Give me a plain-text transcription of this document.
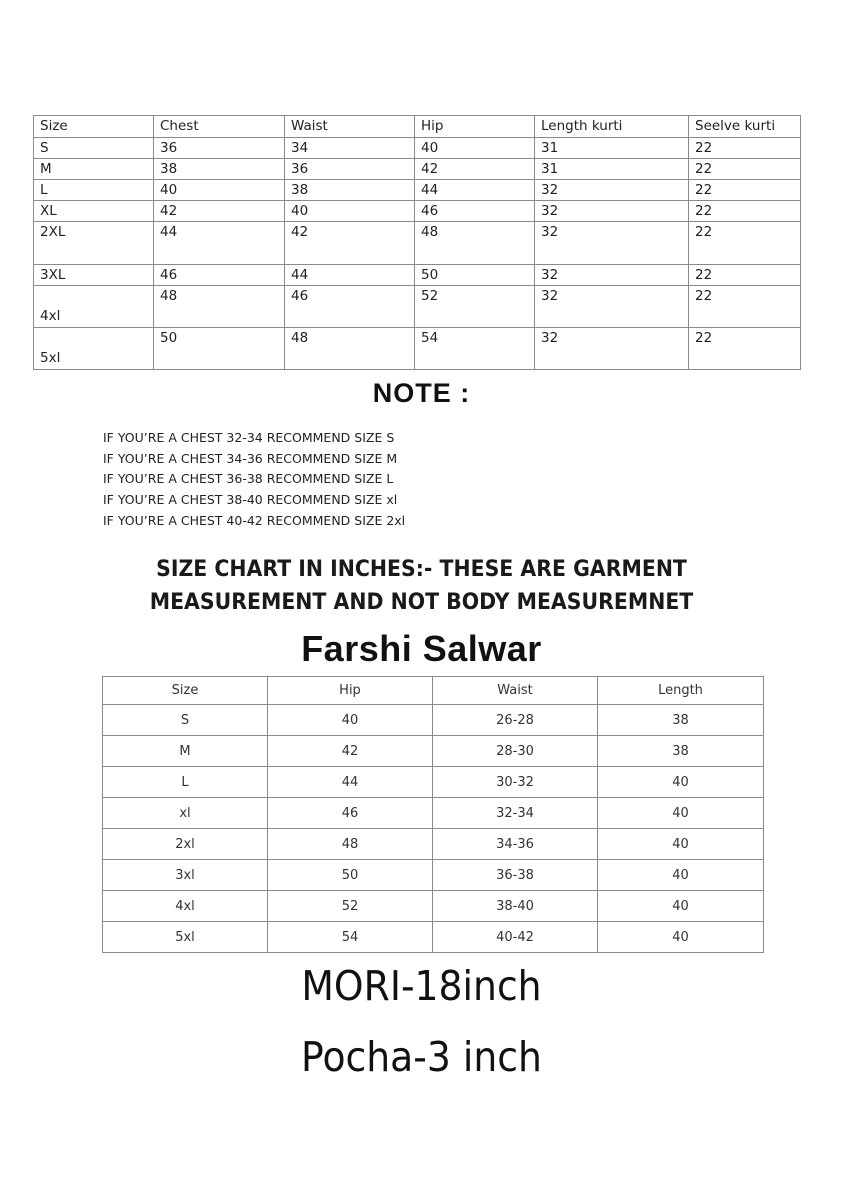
Size	Chest	Waist	Hip	Length kurti	Seelve kurti
S	36	34	40	31	22
M	38	36	42	31	22
L	40	38	44	32	22
XL	42	40	46	32	22
2XL	44	42	48	32	22
3XL	46	44	50	32	22
4xl	48	46	52	32	22
5xl	50	48	54	32	22
NOTE :
IF YOU’RE A CHEST 32-34 RECOMMEND SIZE S
IF YOU’RE A CHEST 34-36 RECOMMEND SIZE M
IF YOU’RE A CHEST 36-38 RECOMMEND SIZE L
IF YOU’RE A CHEST 38-40 RECOMMEND SIZE xl
IF YOU’RE A CHEST 40-42 RECOMMEND SIZE 2xl
SIZE CHART IN INCHES:- THESE ARE GARMENT
MEASUREMENT AND NOT BODY MEASUREMNET
Farshi Salwar
Size	Hip	Waist	Length
S	40	26-28	38
M	42	28-30	38
L	44	30-32	40
xl	46	32-34	40
2xl	48	34-36	40
3xl	50	36-38	40
4xl	52	38-40	40
5xl	54	40-42	40
MORI-18inch
Pocha-3 inch
